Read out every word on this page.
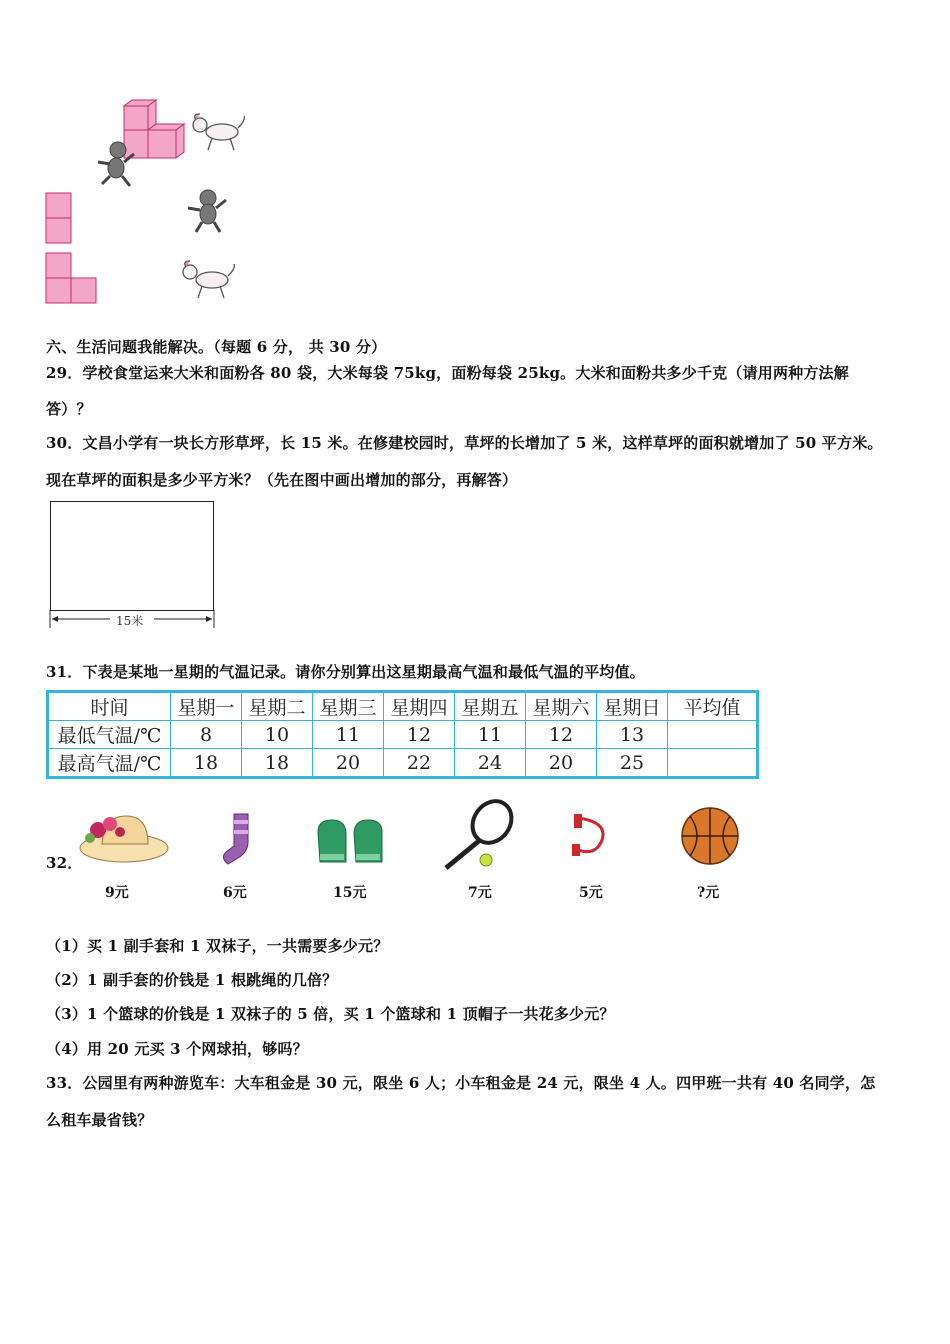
六、生活问题我能解决。（每题 6 分， 共 30 分）
29．学校食堂运来大米和面粉各 80 袋，大米每袋 75kg，面粉每袋 25kg。大米和面粉共多少千克（请用两种方法解
答）？
30．文昌小学有一块长方形草坪，长 15 米。在修建校园时，草坪的长增加了 5 米，这样草坪的面积就增加了 50 平方米。
现在草坪的面积是多少平方米？（先在图中画出增加的部分，再解答）
15米
31．下表是某地一星期的气温记录。请你分别算出这星期最高气温和最低气温的平均值。
时间	星期一	星期二	星期三	星期四	星期五	星期六	星期日	平均值
最低气温/℃	8	10	11	12	11	12	13	
最高气温/℃	18	18	20	22	24	20	25	
32．
9元	6元	15元	7元	5元	?元
（1）买 1 副手套和 1 双袜子，一共需要多少元？
（2）1 副手套的价钱是 1 根跳绳的几倍？
（3）1 个篮球的价钱是 1 双袜子的 5 倍，买 1 个篮球和 1 顶帽子一共花多少元？
（4）用 20 元买 3 个网球拍，够吗？
33．公园里有两种游览车：大车租金是 30 元，限坐 6 人；小车租金是 24 元，限坐 4 人。四甲班一共有 40 名同学，怎
么租车最省钱？
